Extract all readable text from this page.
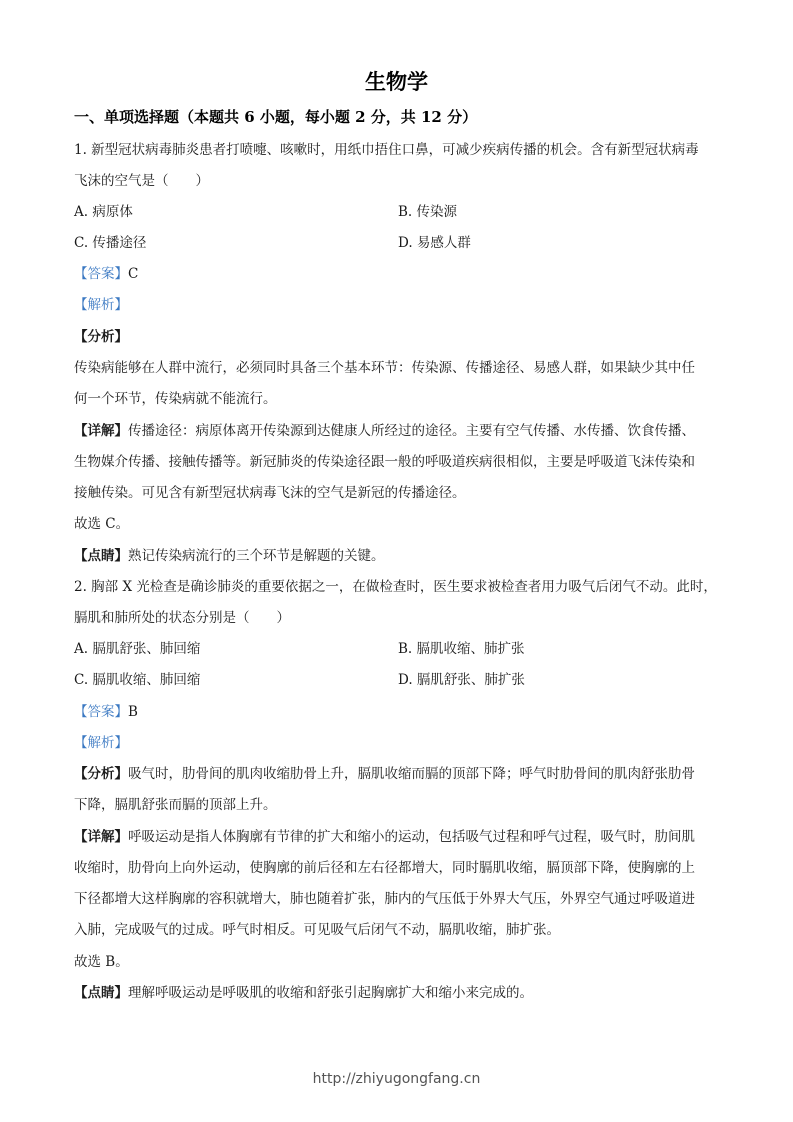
生物学
一、单项选择题（本题共 6 小题，每小题 2 分，共 12 分）
1. 新型冠状病毒肺炎患者打喷嚏、咳嗽时，用纸巾捂住口鼻，可减少疾病传播的机会。含有新型冠状病毒
飞沫的空气是（　　）
A. 病原体	B. 传染源
C. 传播途径	D. 易感人群
【答案】C
【解析】
【分析】
传染病能够在人群中流行，必须同时具备三个基本环节：传染源、传播途径、易感人群，如果缺少其中任
何一个环节，传染病就不能流行。
【详解】传播途径：病原体离开传染源到达健康人所经过的途径。主要有空气传播、水传播、饮食传播、
生物媒介传播、接触传播等。新冠肺炎的传染途径跟一般的呼吸道疾病很相似，主要是呼吸道飞沫传染和
接触传染。可见含有新型冠状病毒飞沫的空气是新冠的传播途径。
故选 C。
【点睛】熟记传染病流行的三个环节是解题的关键。
2. 胸部 X 光检查是确诊肺炎的重要依据之一，在做检查时，医生要求被检查者用力吸气后闭气不动。此时，
膈肌和肺所处的状态分别是（　　）
A. 膈肌舒张、肺回缩	B. 膈肌收缩、肺扩张
C. 膈肌收缩、肺回缩	D. 膈肌舒张、肺扩张
【答案】B
【解析】
【分析】吸气时，肋骨间的肌肉收缩肋骨上升，膈肌收缩而膈的顶部下降；呼气时肋骨间的肌肉舒张肋骨
下降，膈肌舒张而膈的顶部上升。
【详解】呼吸运动是指人体胸廓有节律的扩大和缩小的运动，包括吸气过程和呼气过程，吸气时，肋间肌
收缩时，肋骨向上向外运动，使胸廓的前后径和左右径都增大，同时膈肌收缩，膈顶部下降，使胸廓的上
下径都增大这样胸廓的容积就增大，肺也随着扩张，肺内的气压低于外界大气压，外界空气通过呼吸道进
入肺，完成吸气的过成。呼气时相反。可见吸气后闭气不动，膈肌收缩，肺扩张。
故选 B。
【点睛】理解呼吸运动是呼吸肌的收缩和舒张引起胸廓扩大和缩小来完成的。
http://zhiyugongfang.cn
